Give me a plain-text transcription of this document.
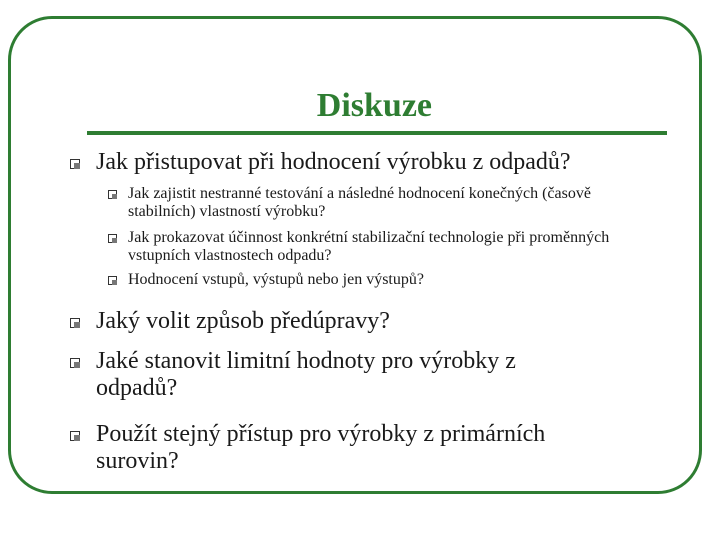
Diskuze
Jak přistupovat při hodnocení výrobku z odpadů?
Jak zajistit nestranné testování a následné hodnocení konečných (časově stabilních) vlastností výrobku?
Jak prokazovat účinnost konkrétní stabilizační technologie při proměnných vstupních vlastnostech odpadu?
Hodnocení vstupů, výstupů nebo jen výstupů?
Jaký volit způsob předúpravy?
Jaké stanovit limitní hodnoty pro výrobky z odpadů?
Použít stejný přístup pro výrobky z primárních surovin?
